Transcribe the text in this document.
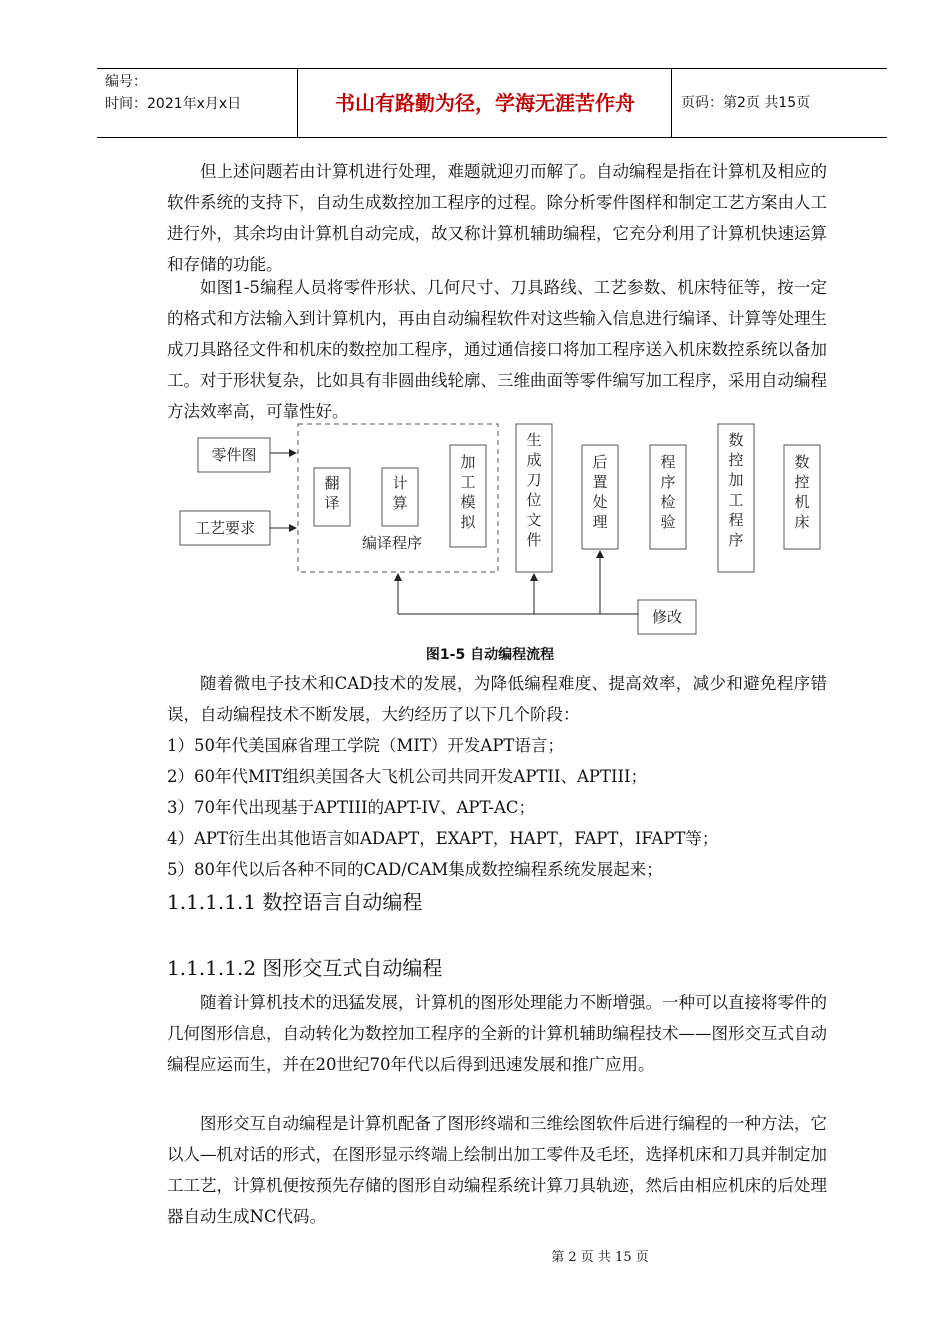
编号：
时间：2021年x月x日	书山有路勤为径，学海无涯苦作舟	页码：第2页 共15页
但上述问题若由计算机进行处理，难题就迎刃而解了。自动编程是指在计算机及相应的软件系统的支持下，自动生成数控加工程序的过程。除分析零件图样和制定工艺方案由人工进行外，其余均由计算机自动完成，故又称计算机辅助编程，它充分利用了计算机快速运算和存储的功能。
如图1-5编程人员将零件形状、几何尺寸、刀具路线、工艺参数、机床特征等，按一定的格式和方法输入到计算机内，再由自动编程软件对这些输入信息进行编译、计算等处理生成刀具路径文件和机床的数控加工程序，通过通信接口将加工程序送入机床数控系统以备加工。对于形状复杂，比如具有非圆曲线轮廓、三维曲面等零件编写加工程序，采用自动编程方法效率高，可靠性好。
零件图
工艺要求
编译程序
翻
译
计
算
加
工
模
拟
生
成
刀
位
文
件
后
置
处
理
程
序
检
验
数
控
加
工
程
序
数
控
机
床
修改
图1-5 自动编程流程
随着微电子技术和CAD技术的发展，为降低编程难度、提高效率，减少和避免程序错误，自动编程技术不断发展，大约经历了以下几个阶段：
1）50年代美国麻省理工学院（MIT）开发APT语言；
2）60年代MIT组织美国各大飞机公司共同开发APTII、APTIII；
3）70年代出现基于APTIII的APT-IV、APT-AC；
4）APT衍生出其他语言如ADAPT，EXAPT，HAPT，FAPT，IFAPT等；
5）80年代以后各种不同的CAD/CAM集成数控编程系统发展起来；
1.1.1.1.1 数控语言自动编程
1.1.1.1.2 图形交互式自动编程
随着计算机技术的迅猛发展，计算机的图形处理能力不断增强。一种可以直接将零件的几何图形信息，自动转化为数控加工程序的全新的计算机辅助编程技术——图形交互式自动编程应运而生，并在20世纪70年代以后得到迅速发展和推广应用。
图形交互自动编程是计算机配备了图形终端和三维绘图软件后进行编程的一种方法，它以人—机对话的形式，在图形显示终端上绘制出加工零件及毛坯，选择机床和刀具并制定加工工艺，计算机便按预先存储的图形自动编程系统计算刀具轨迹，然后由相应机床的后处理器自动生成NC代码。
第 2 页 共 15 页
